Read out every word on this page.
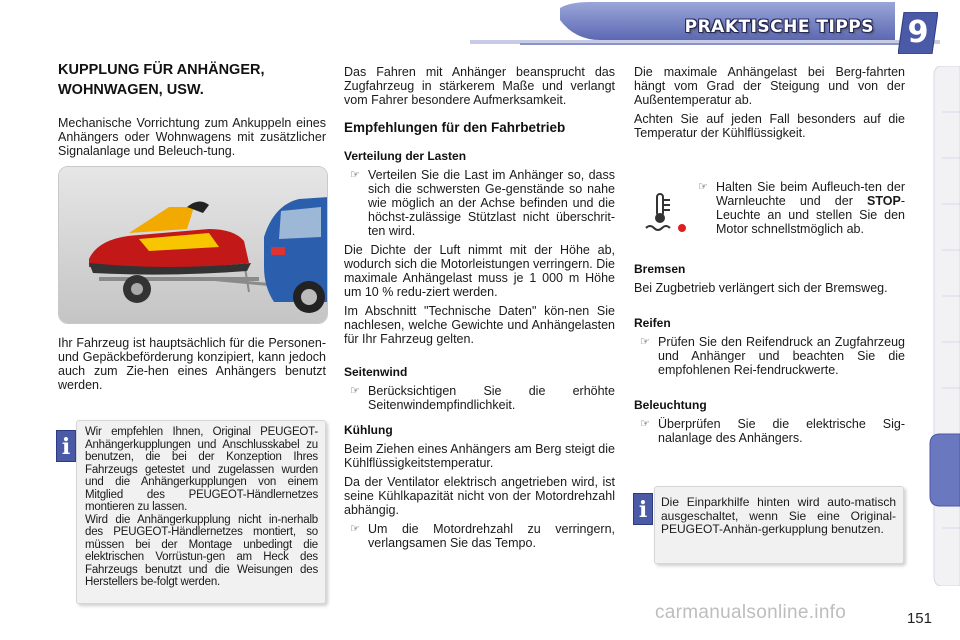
PRAKTISCHE TIPPS	9
KUPPLUNG FÜR ANHÄNGER,
WOHNWAGEN, USW.

Mechanische Vorrichtung zum Ankuppeln eines Anhängers oder Wohnwagens mit zusätzlicher Signalanlage und Beleuch-tung.

Ihr Fahrzeug ist hauptsächlich für die Personen- und Gepäckbeförderung konzipiert, kann jedoch auch zum Zie-hen eines Anhängers benutzt werden.

i

Wir empfehlen Ihnen, Original PEUGEOT-Anhängerkupplungen und Anschlusskabel zu benutzen, die bei der Konzeption Ihres Fahrzeugs getestet und zugelassen wurden und die Anhängerkupplungen von einem Mitglied des PEUGEOT-Händlernetzes montieren zu lassen.

Wird die Anhängerkupplung nicht in-nerhalb des PEUGEOT-Händlernetzes montiert, so müssen bei der Montage unbedingt die elektrischen Vorrüstun-gen am Heck des Fahrzeugs benutzt und die Weisungen des Herstellers be-folgt werden.

Das Fahren mit Anhänger beansprucht das Zugfahrzeug in stärkerem Maße und verlangt vom Fahrer besondere Aufmerksamkeit.

Empfehlungen für den Fahrbetrieb
Verteilung der Lasten
☞ Verteilen Sie die Last im Anhänger so, dass sich die schwersten Ge-genstände so nahe wie möglich an der Achse befinden und die höchst-zulässige Stützlast nicht überschrit-ten wird.

Die Dichte der Luft nimmt mit der Höhe ab, wodurch sich die Motorleistungen verringern. Die maximale Anhängelast muss je 1 000 m Höhe um 10 % redu-ziert werden.

Im Abschnitt "Technische Daten" kön-nen Sie nachlesen, welche Gewichte und Anhängelasten für Ihr Fahrzeug gelten.

Seitenwind
☞ Berücksichtigen Sie die erhöhte Seitenwindempfindlichkeit.
Kühlung

Beim Ziehen eines Anhängers am Berg steigt die Kühlflüssigkeitstemperatur.

Da der Ventilator elektrisch angetrieben wird, ist seine Kühlkapazität nicht von der Motordrehzahl abhängig.

☞ Um die Motordrehzahl zu verringern, verlangsamen Sie das Tempo.

Die maximale Anhängelast bei Berg-fahrten hängt vom Grad der Steigung und von der Außentemperatur ab.

Achten Sie auf jeden Fall besonders auf die Temperatur der Kühlflüssigkeit.

☞ Halten Sie beim Aufleuch-ten der Warnleuchte und der STOP-Leuchte an und stellen Sie den Motor schnellstmöglich ab.
Bremsen

Bei Zugbetrieb verlängert sich der Bremsweg.

Reifen
☞ Prüfen Sie den Reifendruck an Zugfahrzeug und Anhänger und beachten Sie die empfohlenen Rei-fendruckwerte.
Beleuchtung
☞ Überprüfen Sie die elektrische Sig-nalanlage des Anhängers.
i	Die Einparkhilfe hinten wird auto-matisch ausgeschaltet, wenn Sie eine Original-PEUGEOT-Anhän-gerkupplung benutzen.

carmanualsonline.info	151
